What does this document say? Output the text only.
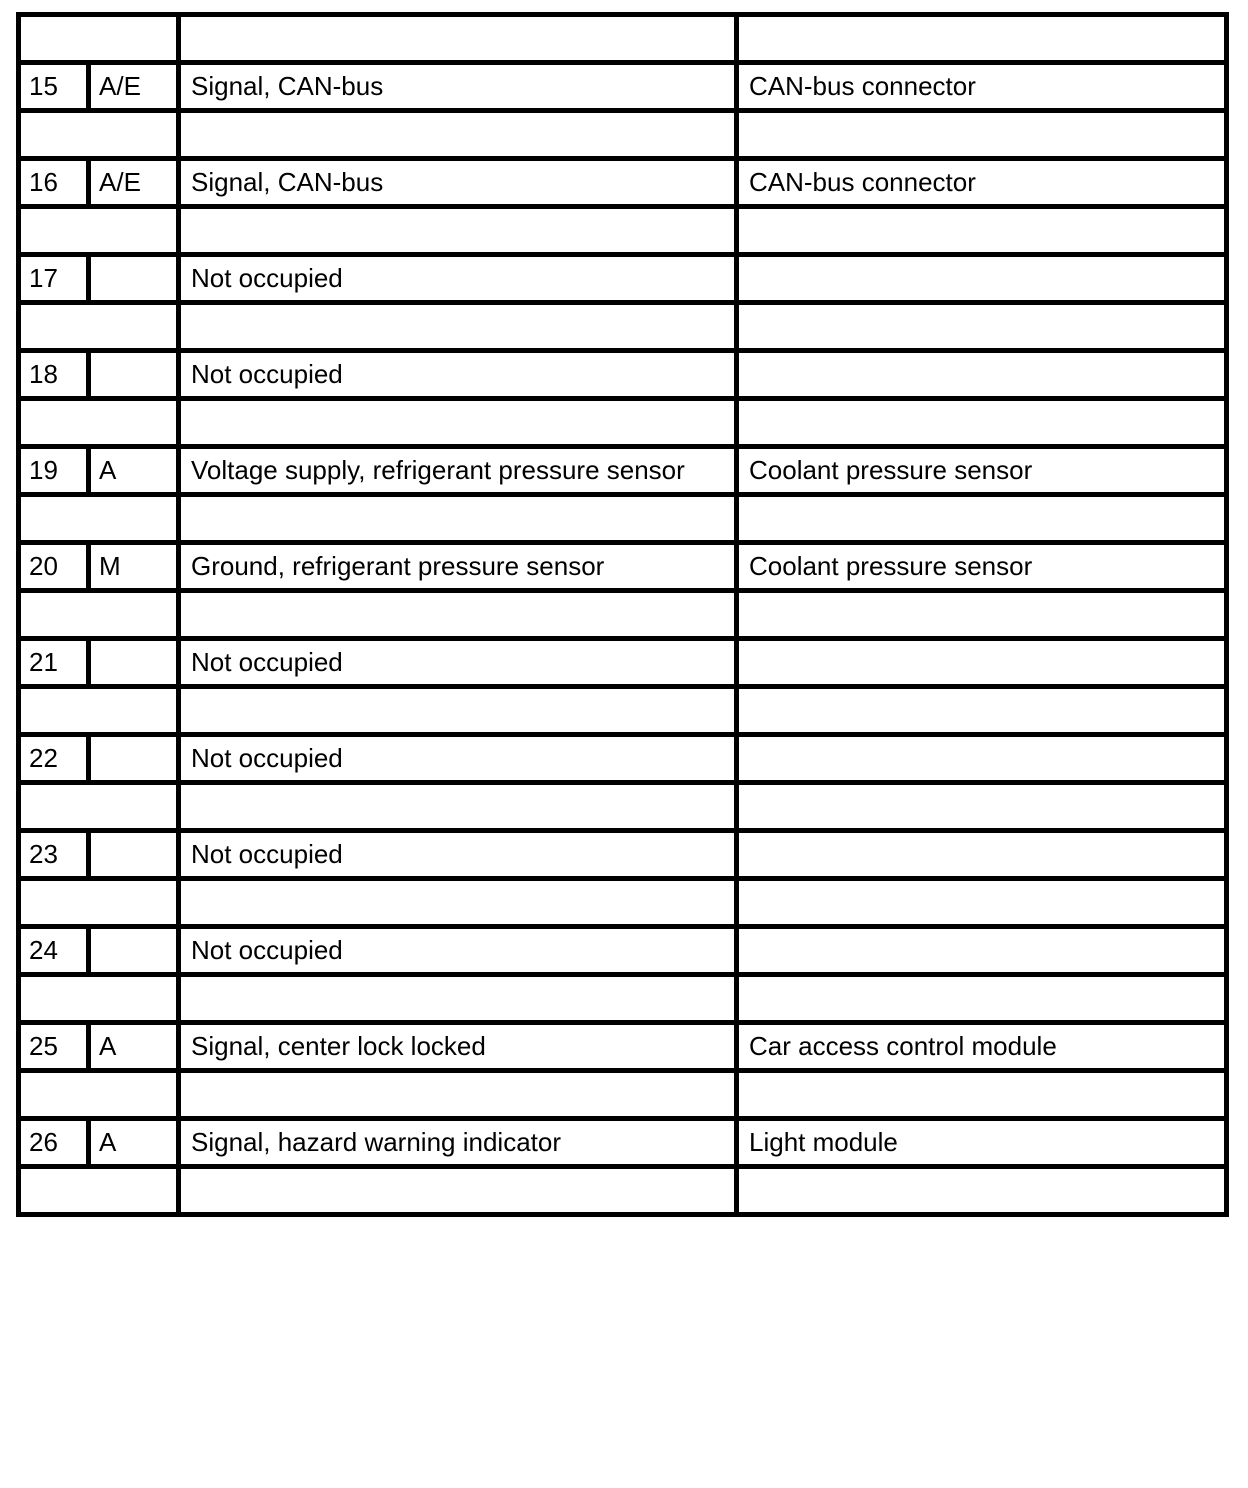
15	A/E	Signal, CAN-bus	CAN-bus connector

16	A/E	Signal, CAN-bus	CAN-bus connector

17		Not occupied	

18		Not occupied	

19	A	Voltage supply, refrigerant pressure sensor	Coolant pressure sensor

20	M	Ground, refrigerant pressure sensor	Coolant pressure sensor

21		Not occupied	

22		Not occupied	

23		Not occupied	

24		Not occupied	

25	A	Signal, center lock locked	Car access control module

26	A	Signal, hazard warning indicator	Light module
